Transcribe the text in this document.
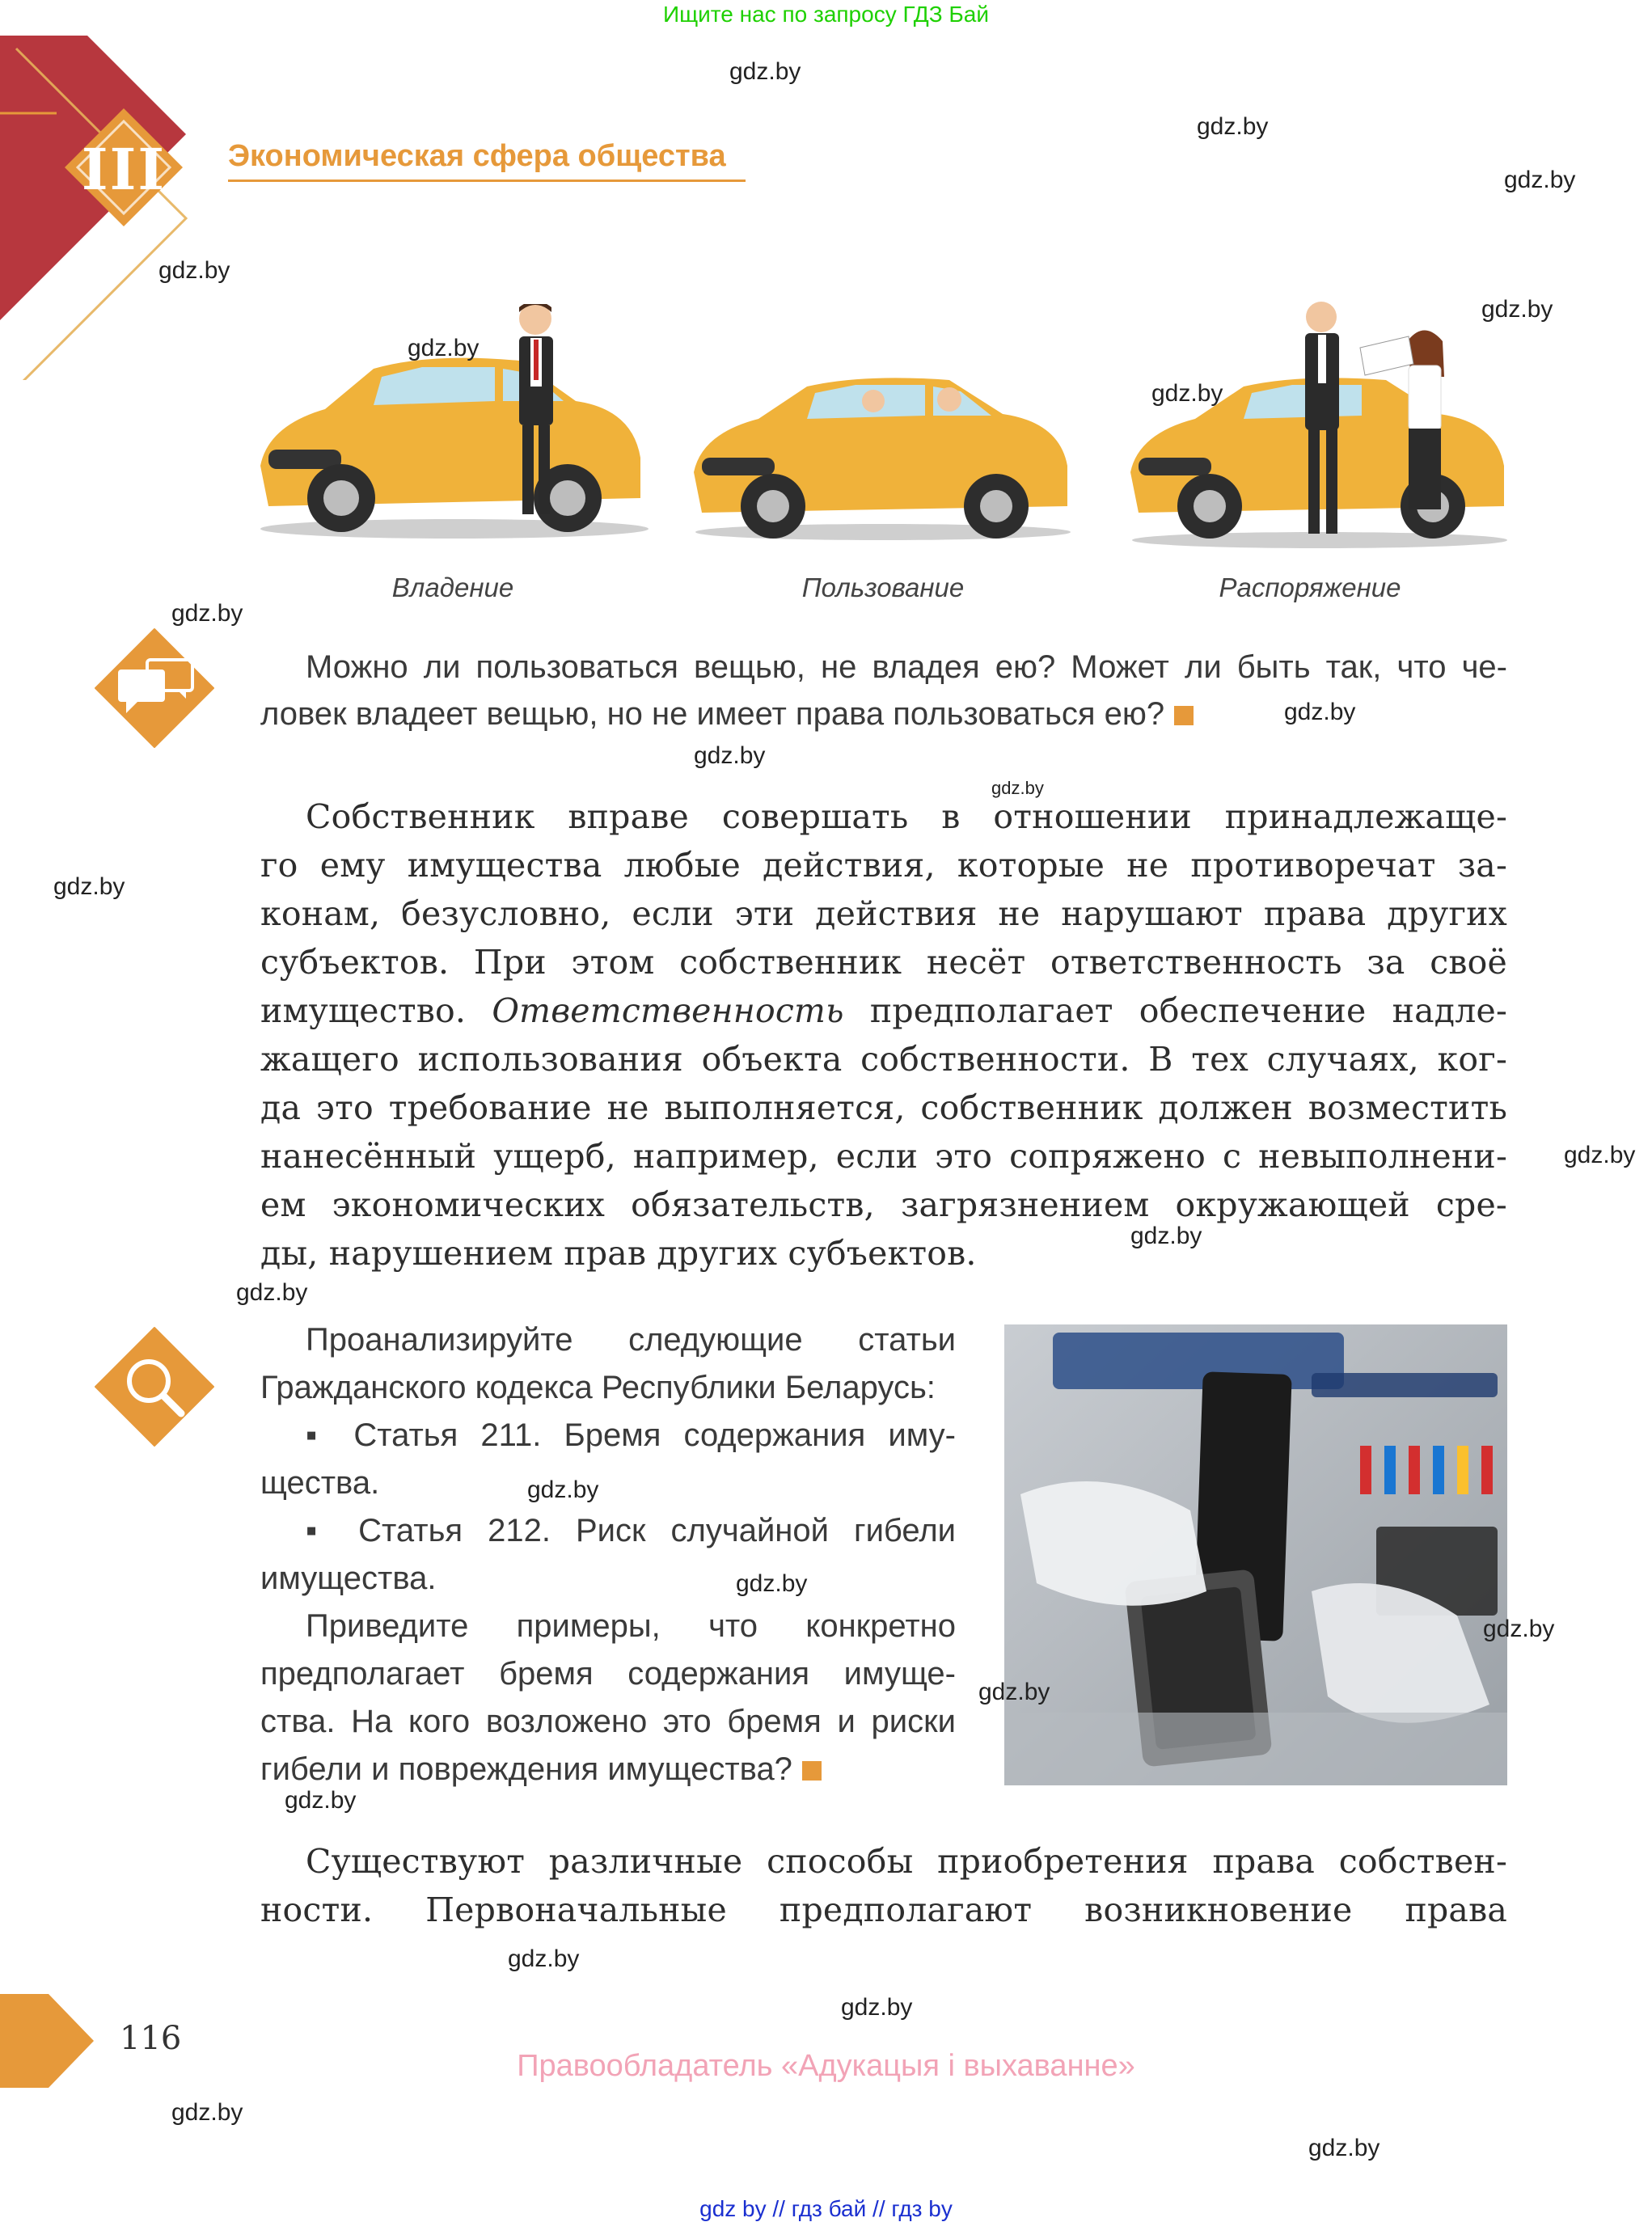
Ищите нас по запросу ГДЗ Бай
III Экономическая сфера общества
Владение	Пользование	Распоряжение
Можно ли пользоваться вещью, не владея ею? Может ли быть так, что че-
ловек владеет вещью, но не имеет права пользоваться ею?
Собственник вправе совершать в отношении принадлежаще-
го ему имущества любые действия, которые не противоречат за-
конам, безусловно, если эти действия не нарушают права других
субъектов. При этом собственник несёт ответственность за своё
имущество. Ответственность предполагает обеспечение надле-
жащего использования объекта собственности. В тех случаях, ког-
да это требование не выполняется, собственник должен возместить
нанесённый ущерб, например, если это сопряжено с невыполнени-
ем экономических обязательств, загрязнением окружающей сре-
ды, нарушением прав других субъектов.
Проанализируйте следующие статьи
Гражданского кодекса Республики Беларусь:
▪ Статья 211. Бремя содержания иму-
щества.
▪ Статья 212. Риск случайной гибели
имущества.
Приведите примеры, что конкретно
предполагает бремя содержания имуще-
ства. На кого возложено это бремя и риски
гибели и повреждения имущества?
Существуют различные способы приобретения права собствен-
ности. Первоначальные предполагают возникновение права
116
Правообладатель «Адукацыя і выхаванне»
gdz by // гдз бай // гдз by
gdz.by
gdz.by
gdz.by
gdz.by
gdz.by
gdz.by
gdz.by
gdz.by
gdz.by
gdz.by
gdz.by
gdz.by
gdz.by
gdz.by
gdz.by
gdz.by
gdz.by
gdz.by
gdz.by
gdz.by
gdz.by
gdz.by
gdz.by
gdz.by
